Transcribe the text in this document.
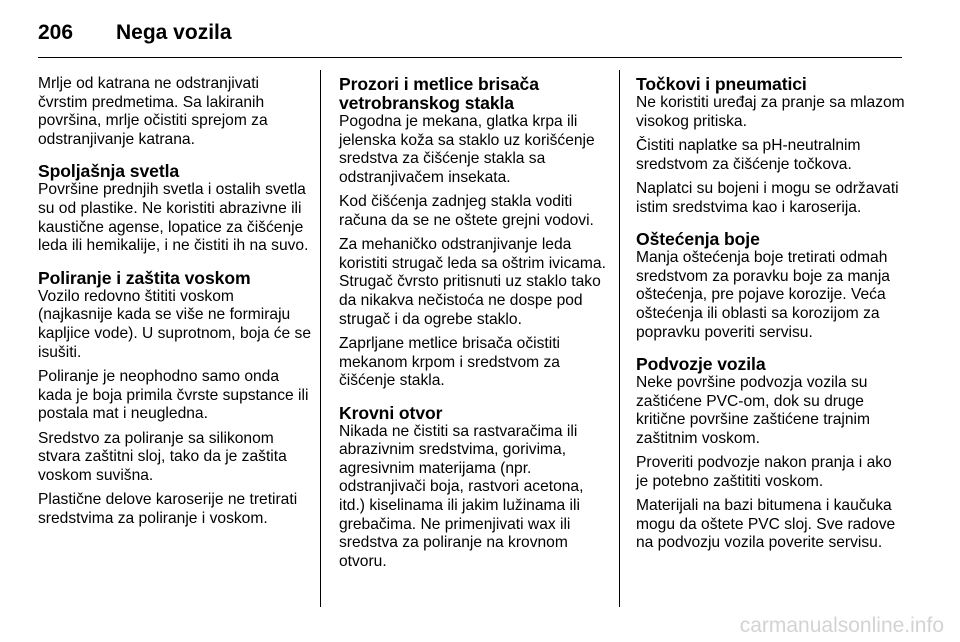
206 Nega vozila

Mrlje od katrana ne odstranjivati čvrstim predmetima. Sa lakiranih površina, mrlje očistiti sprejom za odstranjivanje katrana.

Spoljašnja svetla

Površine prednjih svetla i ostalih svetla su od plastike. Ne koristiti abrazivne ili kaustične agense, lopatice za čišćenje leda ili hemikalije, i ne čistiti ih na suvo.

Poliranje i zaštita voskom

Vozilo redovno štititi voskom (najkasnije kada se više ne formiraju kapljice vode). U suprotnom, boja će se isušiti.

Poliranje je neophodno samo onda kada je boja primila čvrste supstance ili postala mat i neugledna.

Sredstvo za poliranje sa silikonom stvara zaštitni sloj, tako da je zaštita voskom suvišna.

Plastične delove karoserije ne tretirati sredstvima za poliranje i voskom.

Prozori i metlice brisača vetrobranskog stakla

Pogodna je mekana, glatka krpa ili jelenska koža sa staklo uz korišćenje sredstva za čišćenje stakla sa odstranjivačem insekata.

Kod čišćenja zadnjeg stakla voditi računa da se ne oštete grejni vodovi.

Za mehaničko odstranjivanje leda koristiti strugač leda sa oštrim ivicama. Strugač čvrsto pritisnuti uz staklo tako da nikakva nečistoća ne dospe pod strugač i da ogrebe staklo.

Zaprljane metlice brisača očistiti mekanom krpom i sredstvom za čišćenje stakla.

Krovni otvor

Nikada ne čistiti sa rastvaračima ili abrazivnim sredstvima, gorivima, agresivnim materijama (npr. odstranjivači boja, rastvori acetona, itd.) kiselinama ili jakim lužinama ili grebačima. Ne primenjivati wax ili sredstva za poliranje na krovnom otvoru.

Točkovi i pneumatici

Ne koristiti uređaj za pranje sa mlazom visokog pritiska.

Čistiti naplatke sa pH-neutralnim sredstvom za čišćenje točkova.

Naplatci su bojeni i mogu se održavati istim sredstvima kao i karoserija.

Oštećenja boje

Manja oštećenja boje tretirati odmah sredstvom za poravku boje za manja oštećenja, pre pojave korozije. Veća oštećenja ili oblasti sa korozijom za popravku poveriti servisu.

Podvozje vozila

Neke površine podvozja vozila su zaštićene PVC-om, dok su druge kritične površine zaštićene trajnim zaštitnim voskom.

Proveriti podvozje nakon pranja i ako je potebno zaštititi voskom.

Materijali na bazi bitumena i kaučuka mogu da oštete PVC sloj. Sve radove na podvozju vozila poverite servisu.

carmanualsonline.info
